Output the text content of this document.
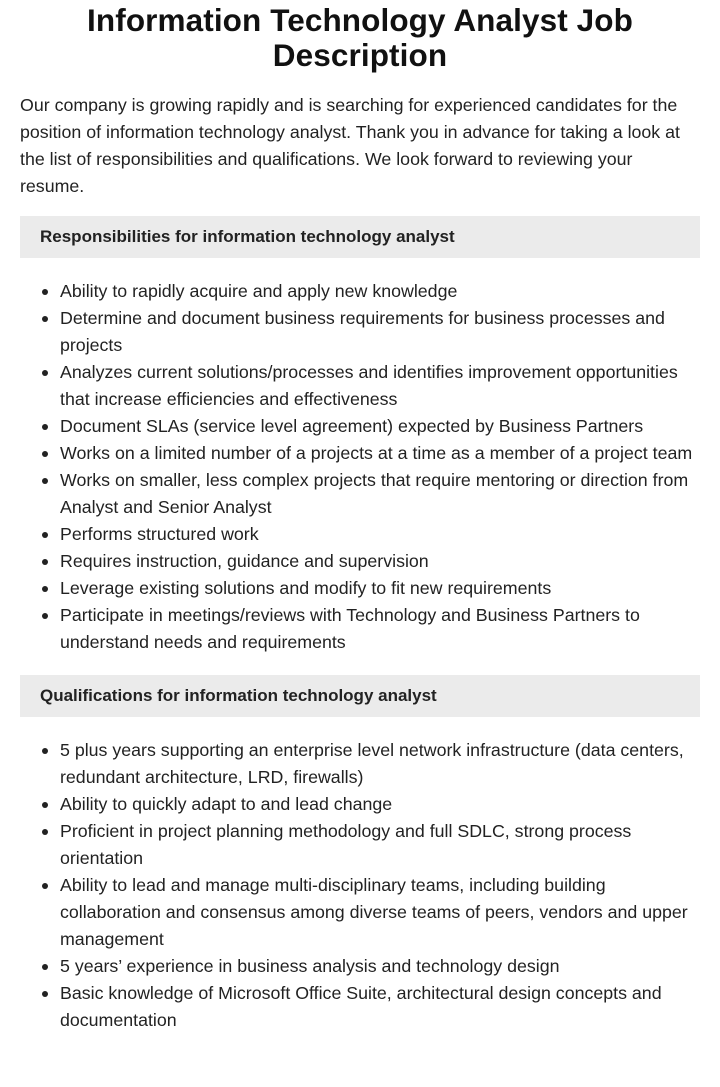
Information Technology Analyst Job Description

Our company is growing rapidly and is searching for experienced candidates for the position of information technology analyst. Thank you in advance for taking a look at the list of responsibilities and qualifications. We look forward to reviewing your resume.

Responsibilities for information technology analyst
Ability to rapidly acquire and apply new knowledge
Determine and document business requirements for business processes and projects
Analyzes current solutions/processes and identifies improvement opportunities that increase efficiencies and effectiveness
Document SLAs (service level agreement) expected by Business Partners
Works on a limited number of a projects at a time as a member of a project team
Works on smaller, less complex projects that require mentoring or direction from Analyst and Senior Analyst
Performs structured work
Requires instruction, guidance and supervision
Leverage existing solutions and modify to fit new requirements
Participate in meetings/reviews with Technology and Business Partners to understand needs and requirements
Qualifications for information technology analyst
5 plus years supporting an enterprise level network infrastructure (data centers, redundant architecture, LRD, firewalls)
Ability to quickly adapt to and lead change
Proficient in project planning methodology and full SDLC, strong process orientation
Ability to lead and manage multi-disciplinary teams, including building collaboration and consensus among diverse teams of peers, vendors and upper management
5 years’ experience in business analysis and technology design
Basic knowledge of Microsoft Office Suite, architectural design concepts and documentation
